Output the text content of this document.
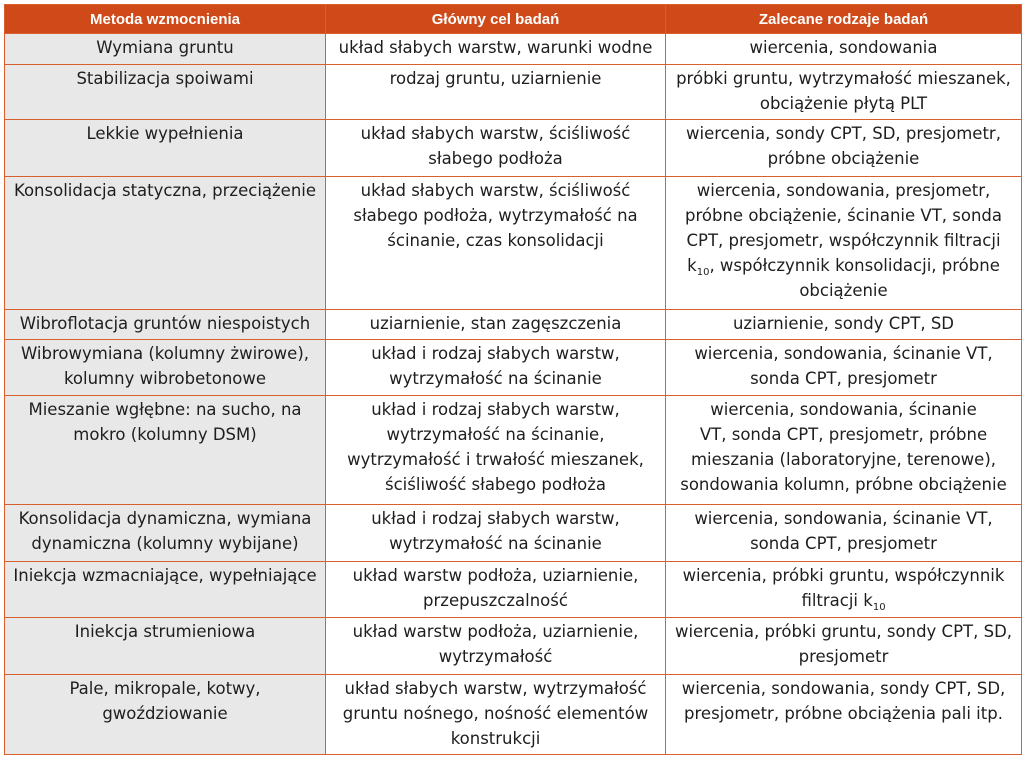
Metoda wzmocnienia	Główny cel badań	Zalecane rodzaje badań

Wymiana gruntu	układ słabych warstw, warunki wodne	wiercenia, sondowania

Stabilizacja spoiwami	rodzaj gruntu, uziarnienie	próbki gruntu, wytrzymałość mieszanek,
obciążenie płytą PLT

Lekkie wypełnienia	układ słabych warstw, ściśliwość
słabego podłoża	wiercenia, sondy CPT, SD, presjometr,
próbne obciążenie

Konsolidacja statyczna, przeciążenie	układ słabych warstw, ściśliwość
słabego podłoża, wytrzymałość na
ścinanie, czas konsolidacji	wiercenia, sondowania, presjometr,
próbne obciążenie, ścinanie VT, sonda
CPT, presjometr, współczynnik filtracji
$k_{10}$, współczynnik konsolidacji, próbne
obciążenie

Wibroflotacja gruntów niespoistych	uziarnienie, stan zagęszczenia	uziarnienie, sondy CPT, SD

Wibrowymiana (kolumny żwirowe),
kolumny wibrobetonowe	układ i rodzaj słabych warstw,
wytrzymałość na ścinanie	wiercenia, sondowania, ścinanie VT,
sonda CPT, presjometr

Mieszanie wgłębne: na sucho, na
mokro (kolumny DSM)	układ i rodzaj słabych warstw,
wytrzymałość na ścinanie,
wytrzymałość i trwałość mieszanek,
ściśliwość słabego podłoża	wiercenia, sondowania, ścinanie
VT, sonda CPT, presjometr, próbne
mieszania (laboratoryjne, terenowe),
sondowania kolumn, próbne obciążenie

Konsolidacja dynamiczna, wymiana
dynamiczna (kolumny wybijane)	układ i rodzaj słabych warstw,
wytrzymałość na ścinanie	wiercenia, sondowania, ścinanie VT,
sonda CPT, presjometr

Iniekcja wzmacniające, wypełniające	układ warstw podłoża, uziarnienie,
przepuszczalność	wiercenia, próbki gruntu, współczynnik
filtracji $k_{10}$

Iniekcja strumieniowa	układ warstw podłoża, uziarnienie,
wytrzymałość	wiercenia, próbki gruntu, sondy CPT, SD,
presjometr

Pale, mikropale, kotwy,
gwoździowanie	układ słabych warstw, wytrzymałość
gruntu nośnego, nośność elementów
konstrukcji	wiercenia, sondowania, sondy CPT, SD,
presjometr, próbne obciążenia pali itp.
